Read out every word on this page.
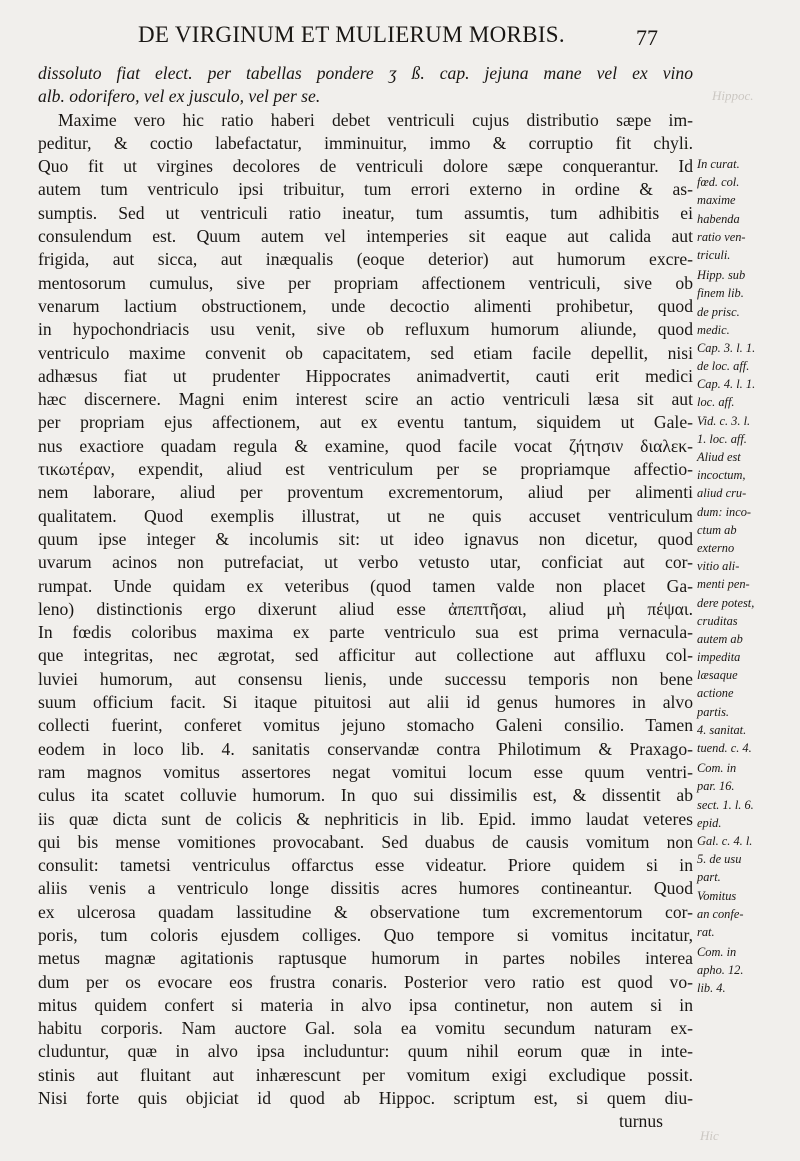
DE VIRGINUM ET MULIERUM MORBIS.	77
Hippoc.
Hic
dissoluto fiat elect. per tabellas pondere ʒ ß. cap. jejuna mane vel ex vino
alb. odorifero, vel ex jusculo, vel per se.
Maxime vero hic ratio haberi debet ventriculi cujus distributio sæpe im-
peditur, & coctio labefactatur, imminuitur, immo & corruptio fit chyli.
Quo fit ut virgines decolores de ventriculi dolore sæpe conquerantur. Id
autem tum ventriculo ipsi tribuitur, tum errori externo in ordine & as-
sumptis. Sed ut ventriculi ratio ineatur, tum assumtis, tum adhibitis ei
consulendum est. Quum autem vel intemperies sit eaque aut calida aut
frigida, aut sicca, aut inæqualis (eoque deterior) aut humorum excre-
mentosorum cumulus, sive per propriam affectionem ventriculi, sive ob
venarum lactium obstructionem, unde decoctio alimenti prohibetur, quod
in hypochondriacis usu venit, sive ob refluxum humorum aliunde, quod
ventriculo maxime convenit ob capacitatem, sed etiam facile depellit, nisi
adhæsus fiat ut prudenter Hippocrates animadvertit, cauti erit medici
hæc discernere. Magni enim interest scire an actio ventriculi læsa sit aut
per propriam ejus affectionem, aut ex eventu tantum, siquidem ut Gale-
nus exactiore quadam regula & examine, quod facile vocat ζήτησιν διαλεκ-
τικωτέραν, expendit, aliud est ventriculum per se propriamque affectio-
nem laborare, aliud per proventum excrementorum, aliud per alimenti
qualitatem. Quod exemplis illustrat, ut ne quis accuset ventriculum
quum ipse integer & incolumis sit: ut ideo ignavus non dicetur, quod
uvarum acinos non putrefaciat, ut verbo vetusto utar, conficiat aut cor-
rumpat. Unde quidam ex veteribus (quod tamen valde non placet Ga-
leno) distinctionis ergo dixerunt aliud esse ἀπεπτῆσαι, aliud μὴ πέψαι.
In fœdis coloribus maxima ex parte ventriculo sua est prima vernacula-
que integritas, nec ægrotat, sed afficitur aut collectione aut affluxu col-
luviei humorum, aut consensu lienis, unde successu temporis non bene
suum officium facit. Si itaque pituitosi aut alii id genus humores in alvo
collecti fuerint, conferet vomitus jejuno stomacho Galeni consilio. Tamen
eodem in loco lib. 4. sanitatis conservandæ contra Philotimum & Praxago-
ram magnos vomitus assertores negat vomitui locum esse quum ventri-
culus ita scatet colluvie humorum. In quo sui dissimilis est, & dissentit ab
iis quæ dicta sunt de colicis & nephriticis in lib. Epid. immo laudat veteres
qui bis mense vomitiones provocabant. Sed duabus de causis vomitum non
consulit: tametsi ventriculus offarctus esse videatur. Priore quidem si in
aliis venis a ventriculo longe dissitis acres humores contineantur. Quod
ex ulcerosa quadam lassitudine & observatione tum excrementorum cor-
poris, tum coloris ejusdem colliges. Quo tempore si vomitus incitatur,
metus magnæ agitationis raptusque humorum in partes nobiles interea
dum per os evocare eos frustra conaris. Posterior vero ratio est quod vo-
mitus quidem confert si materia in alvo ipsa continetur, non autem si in
habitu corporis. Nam auctore Gal. sola ea vomitu secundum naturam ex-
cluduntur, quæ in alvo ipsa includuntur: quum nihil eorum quæ in inte-
stinis aut fluitant aut inhærescunt per vomitum exigi excludique possit.
Nisi forte quis objiciat id quod ab Hippoc. scriptum est, si quem diu-
turnus
In curat.
fœd. col.
maxime
habenda
ratio ven-
triculi.
Hipp. sub
finem lib.
de prisc.
medic.
Cap. 3. l. 1.
de loc. aff.
Cap. 4. l. 1.
loc. aff.
Vid. c. 3. l.
1. loc. aff.
Aliud est
incoctum,
aliud cru-
dum: inco-
ctum ab
externo
vitio ali-
menti pen-
dere potest,
cruditas
autem ab
impedita
læsaque
actione
partis.
4. sanitat.
tuend. c. 4.
Com. in
par. 16.
sect. 1. l. 6.
epid.
Gal. c. 4. l.
5. de usu
part.
Vomitus
an confe-
rat.
Com. in
apho. 12.
lib. 4.
